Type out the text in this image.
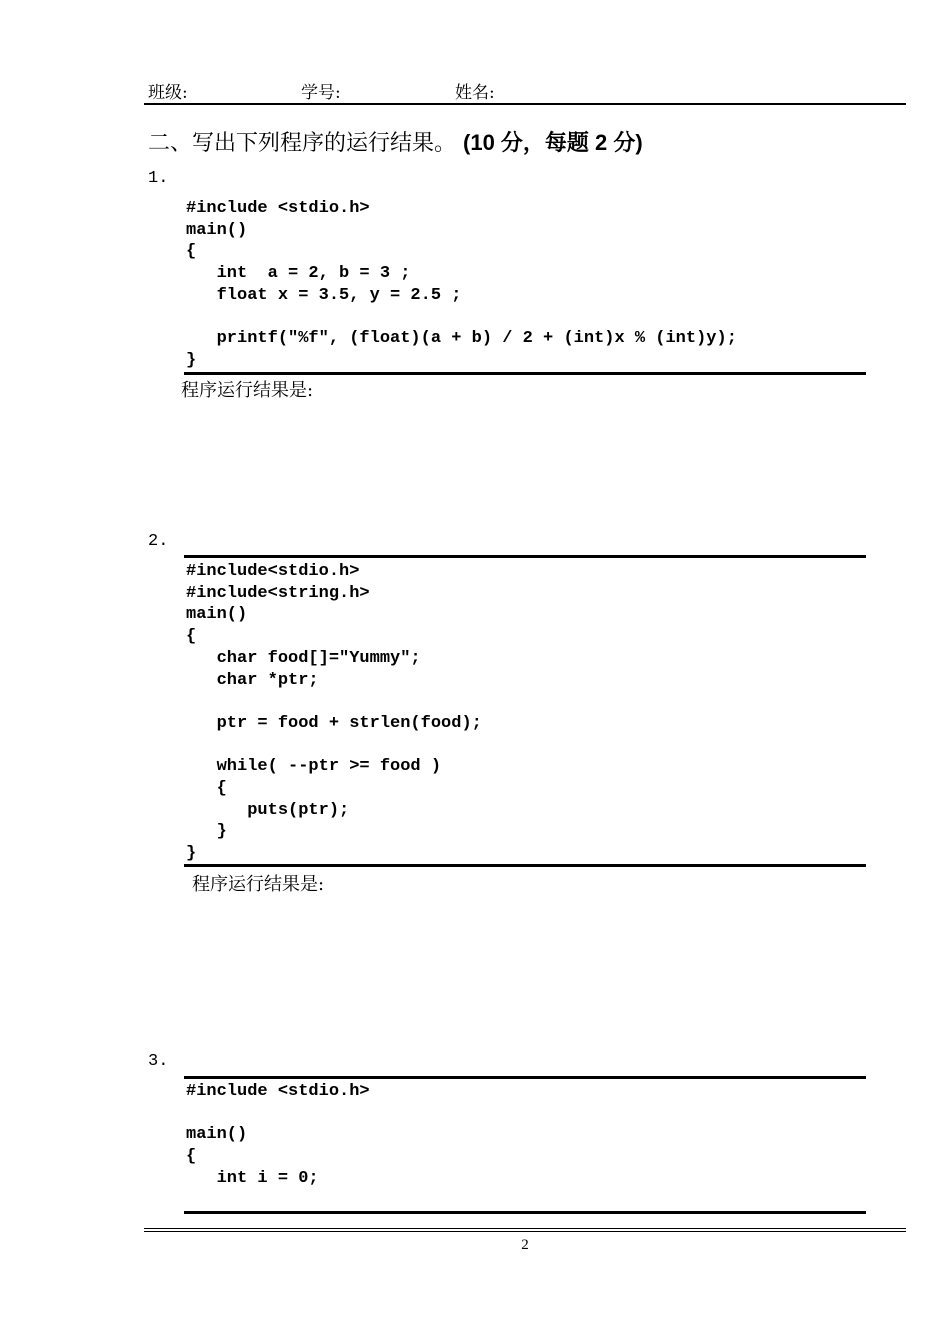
班级:	学号:	姓名:
二、写出下列程序的运行结果。 (10 分，每题 2 分)
1.
#include <stdio.h>
main()
{
int  a = 2, b = 3 ;
float x = 3.5, y = 2.5 ;

printf("%f", (float)(a + b) / 2 + (int)x % (int)y);
}
程序运行结果是:
2.
#include<stdio.h>
#include<string.h>
main()
{
char food[]="Yummy";
char *ptr;

ptr = food + strlen(food);

while( --ptr >= food )
{
puts(ptr);
}
}
程序运行结果是:
3.
#include <stdio.h>

main()
{
int i = 0;
2
